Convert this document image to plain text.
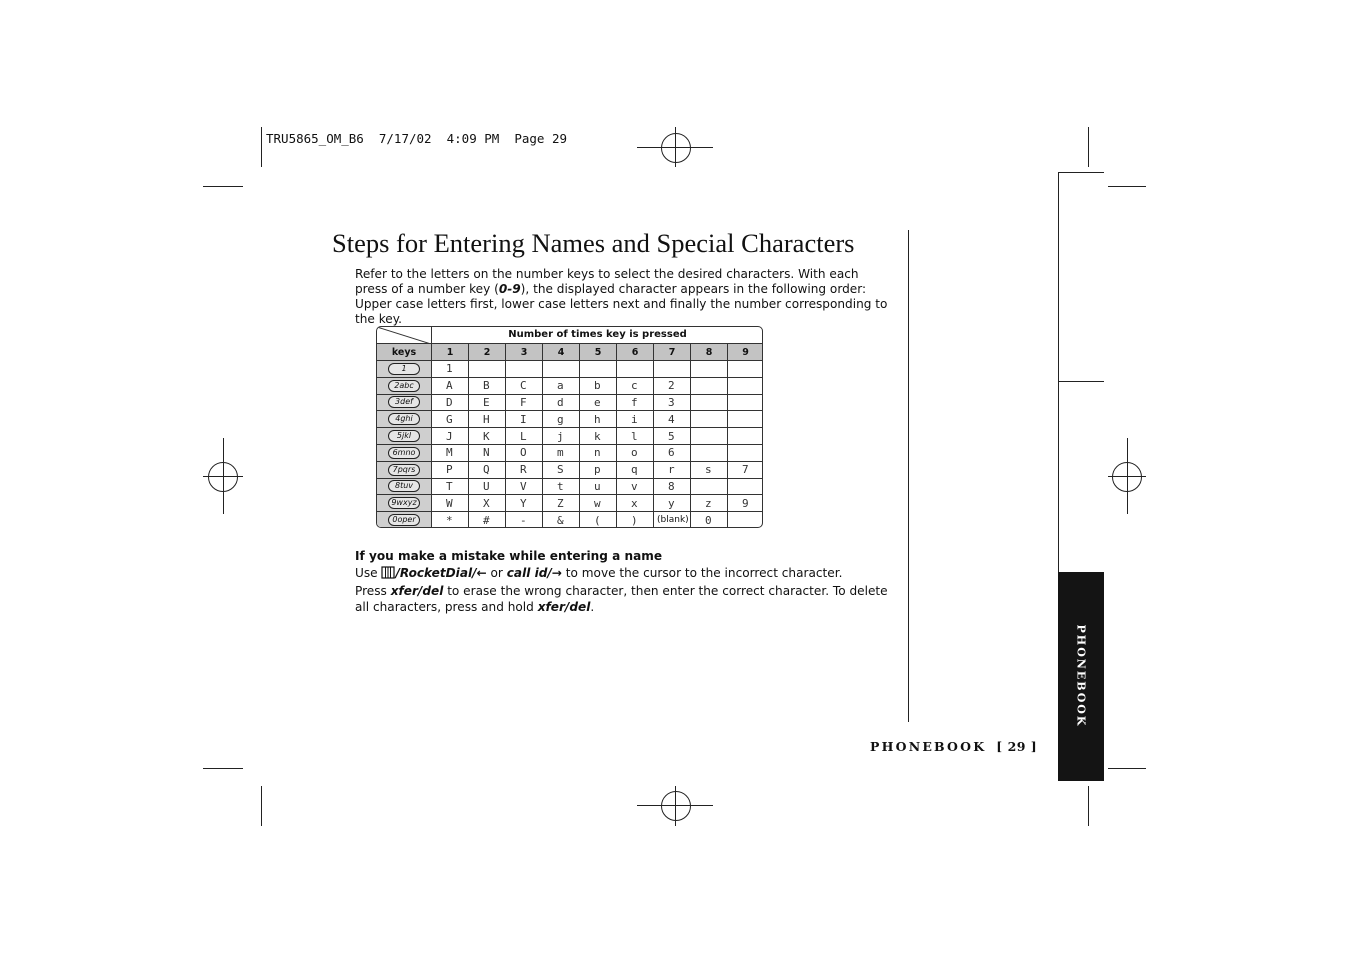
TRU5865_OM_B6  7/17/02  4:09 PM  Page 29
Steps for Entering Names and Special Characters
Refer to the letters on the number keys to select the desired characters. With each press of a number key (0-9), the displayed character appears in the following order: Upper case letters first, lower case letters next and finally the number corresponding to the key.
Number of times key is pressed
keys	1	2	3	4	5	6	7	8	9
1	1
2abc	A	B	C	a	b	c	2
3def	D	E	F	d	e	f	3
4ghi	G	H	I	g	h	i	4
5jkl	J	K	L	j	k	l	5
6mno	M	N	O	m	n	o	6
7pqrs	P	Q	R	S	p	q	r	s	7
8tuv	T	U	V	t	u	v	8
9wxyz	W	X	Y	Z	w	x	y	z	9
0oper	*	#	-	&	(	)	(blank)	0
If you make a mistake while entering a name
Use /RocketDial/← or call id/→ to move the cursor to the incorrect character.
Press xfer/del to erase the wrong character, then enter the correct character. To delete all characters, press and hold xfer/del.
PHONEBOOK
PHONEBOOK [ 29 ]
